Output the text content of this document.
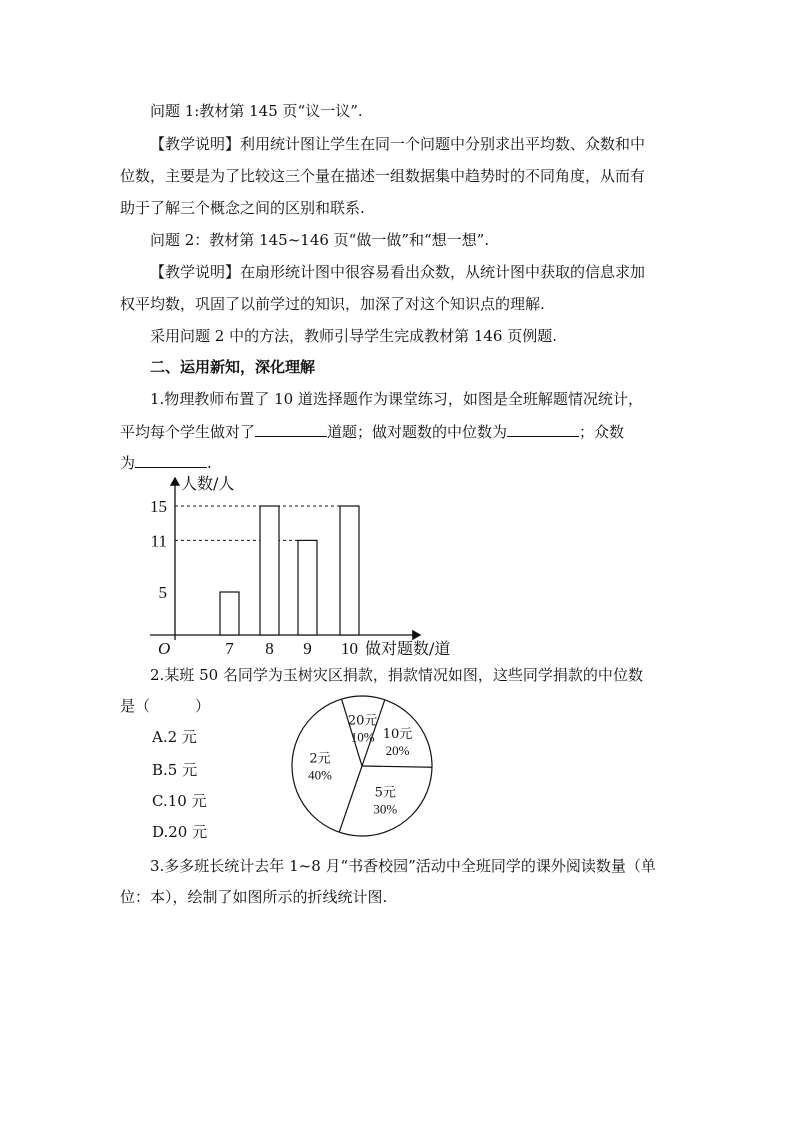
问题 1:教材第 145 页“议一议”.
【教学说明】利用统计图让学生在同一个问题中分别求出平均数、众数和中
位数，主要是为了比较这三个量在描述一组数据集中趋势时的不同角度，从而有
助于了解三个概念之间的区别和联系.
问题 2：教材第 145~146 页“做一做”和“想一想”.
【教学说明】在扇形统计图中很容易看出众数，从统计图中获取的信息求加
权平均数，巩固了以前学过的知识，加深了对这个知识点的理解.
采用问题 2 中的方法，教师引导学生完成教材第 146 页例题.
二、运用新知，深化理解
1.物理教师布置了 10 道选择题作为课堂练习，如图是全班解题情况统计，
平均每个学生做对了	道题；做对题数的中位数为	；众数
为	.
人数/人
做对题数/道
O
5
11
15
7 8 9 10
2.某班 50 名同学为玉树灾区捐款，捐款情况如图，这些同学捐款的中位数
是（　　　）
A.2 元
B.5 元
C.10 元
D.20 元
20元
10% 10元
20%
5元
30%
2元
40%
3.多多班长统计去年 1~8 月“书香校园”活动中全班同学的课外阅读数量（单
位：本），绘制了如图所示的折线统计图.
